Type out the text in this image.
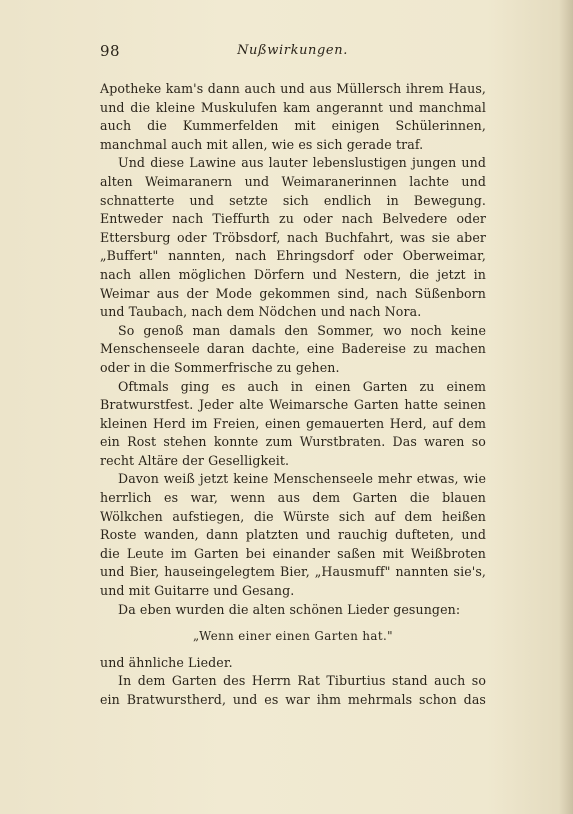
98	Nußwirkungen.

Apotheke kam's dann auch und aus Müllersch ihrem Haus, und die kleine Muskulufen kam angerannt und manchmal auch die Kummerfelden mit einigen Schülerinnen, manchmal auch mit allen, wie es sich gerade traf.

Und diese Lawine aus lauter lebenslustigen jungen und alten Weimaranern und Weimaranerinnen lachte und schnatterte und setzte sich endlich in Bewegung. Entweder nach Tieffurth zu oder nach Belvedere oder Ettersburg oder Tröbsdorf, nach Buchfahrt, was sie aber „Buffert" nannten, nach Ehringsdorf oder Oberweimar, nach allen möglichen Dörfern und Nestern, die jetzt in Weimar aus der Mode gekommen sind, nach Süßenborn und Taubach, nach dem Nödchen und nach Nora.

So genoß man damals den Sommer, wo noch keine Menschenseele daran dachte, eine Badereise zu machen oder in die Sommerfrische zu gehen.

Oftmals ging es auch in einen Garten zu einem Bratwurstfest. Jeder alte Weimarsche Garten hatte seinen kleinen Herd im Freien, einen gemauerten Herd, auf dem ein Rost stehen konnte zum Wurstbraten. Das waren so recht Altäre der Geselligkeit.

Davon weiß jetzt keine Menschenseele mehr etwas, wie herrlich es war, wenn aus dem Garten die blauen Wölkchen aufstiegen, die Würste sich auf dem heißen Roste wanden, dann platzten und rauchig dufteten, und die Leute im Garten bei einander saßen mit Weißbroten und Bier, hauseingelegtem Bier, „Hausmuff" nannten sie's, und mit Guitarre und Gesang.

Da eben wurden die alten schönen Lieder gesungen:

„Wenn einer einen Garten hat."

und ähnliche Lieder.

In dem Garten des Herrn Rat Tiburtius stand auch so ein Bratwurstherd, und es war ihm mehrmals schon das
